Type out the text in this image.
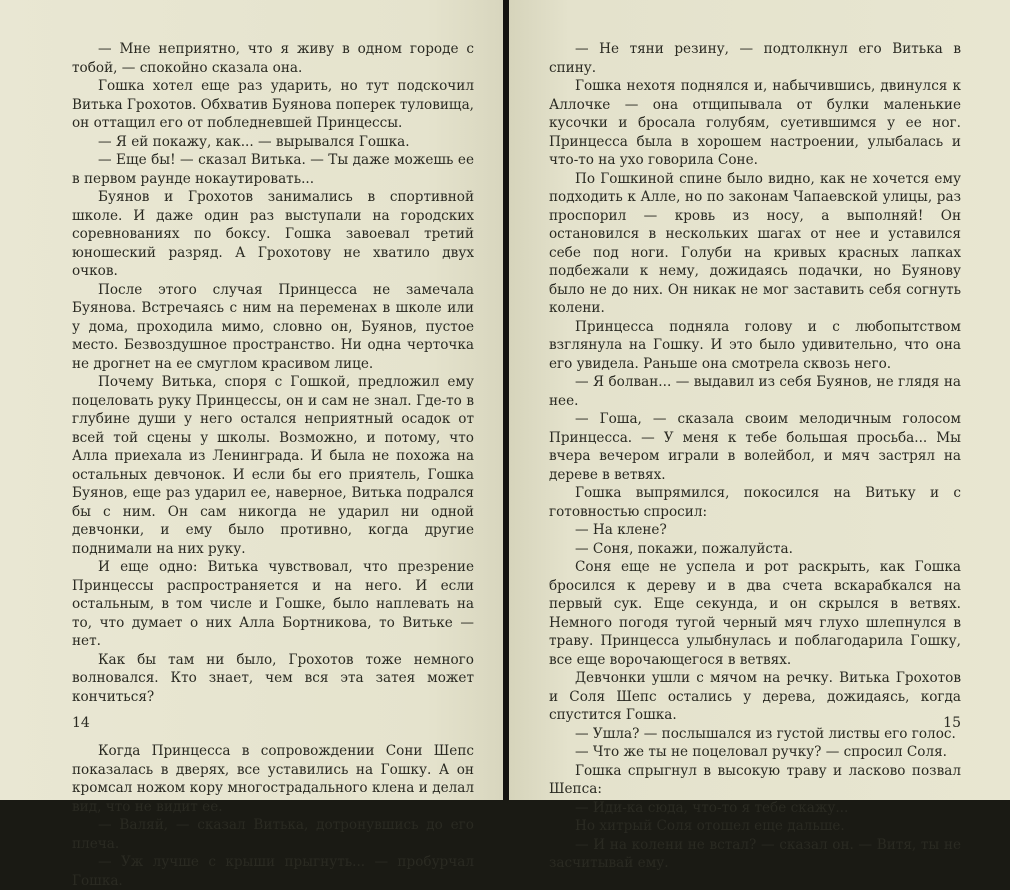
— Мне неприятно, что я живу в одном городе с тобой, — спокойно сказала она.

Гошка хотел еще раз ударить, но тут подскочил Витька Грохотов. Обхватив Буянова поперек туловища, он оттащил его от побледневшей Принцессы.

— Я ей покажу, как... — вырывался Гошка.

— Еще бы! — сказал Витька. — Ты даже можешь ее в первом раунде нокаутировать...

Буянов и Грохотов занимались в спортивной школе. И даже один раз выступали на городских соревнованиях по боксу. Гошка завоевал третий юношеский разряд. А Грохотову не хватило двух очков.

После этого случая Принцесса не замечала Буянова. Встречаясь с ним на переменах в школе или у дома, проходила мимо, словно он, Буянов, пустое место. Безвоздушное пространство. Ни одна черточка не дрогнет на ее смуглом красивом лице.

Почему Витька, споря с Гошкой, предложил ему поцеловать руку Принцессы, он и сам не знал. Где-то в глубине души у него остался неприятный осадок от всей той сцены у школы. Возможно, и потому, что Алла приехала из Ленинграда. И была не похожа на остальных девчонок. И если бы его приятель, Гошка Буянов, еще раз ударил ее, наверное, Витька подрался бы с ним. Он сам никогда не ударил ни одной девчонки, и ему было противно, когда другие поднимали на них руку.

И еще одно: Витька чувствовал, что презрение Принцессы распространяется и на него. И если остальным, в том числе и Гошке, было наплевать на то, что думает о них Алла Бортникова, то Витьке — нет.

Как бы там ни было, Грохотов тоже немного волновался. Кто знает, чем вся эта затея может кончиться?

Когда Принцесса в сопровождении Сони Шепс показалась в дверях, все уставились на Гошку. А он кромсал ножом кору многострадального клена и делал вид, что не видит ее.

— Валяй, — сказал Витька, дотронувшись до его плеча.

— Уж лучше с крыши прыгнуть... — пробурчал Гошка.

14

— Не тяни резину, — подтолкнул его Витька в спину.

Гошка нехотя поднялся и, набычившись, двинулся к Аллочке — она отщипывала от булки маленькие кусочки и бросала голубям, суетившимся у ее ног. Принцесса была в хорошем настроении, улыбалась и что-то на ухо говорила Соне.

По Гошкиной спине было видно, как не хочется ему подходить к Алле, но по законам Чапаевской улицы, раз проспорил — кровь из носу, а выполняй! Он остановился в нескольких шагах от нее и уставился себе под ноги. Голуби на кривых красных лапках подбежали к нему, дожидаясь подачки, но Буянову было не до них. Он никак не мог заставить себя согнуть колени.

Принцесса подняла голову и с любопытством взглянула на Гошку. И это было удивительно, что она его увидела. Раньше она смотрела сквозь него.

— Я болван... — выдавил из себя Буянов, не глядя на нее.

— Гоша, — сказала своим мелодичным голосом Принцесса. — У меня к тебе большая просьба... Мы вчера вечером играли в волейбол, и мяч застрял на дереве в ветвях.

Гошка выпрямился, покосился на Витьку и с готовностью спросил:

— На клене?

— Соня, покажи, пожалуйста.

Соня еще не успела и рот раскрыть, как Гошка бросился к дереву и в два счета вскарабкался на первый сук. Еще секунда, и он скрылся в ветвях. Немного погодя тугой черный мяч глухо шлепнулся в траву. Принцесса улыбнулась и поблагодарила Гошку, все еще ворочающегося в ветвях.

Девчонки ушли с мячом на речку. Витька Грохотов и Соля Шепс остались у дерева, дожидаясь, когда спустится Гошка.

— Ушла? — послышался из густой листвы его голос.

— Что же ты не поцеловал ручку? — спросил Соля.

Гошка спрыгнул в высокую траву и ласково позвал Шепса:

— Иди-ка сюда, что-то я тебе скажу...

Но хитрый Соля отошел еще дальше.

— И на колени не встал? — сказал он. — Витя, ты не засчитывай ему.

15
